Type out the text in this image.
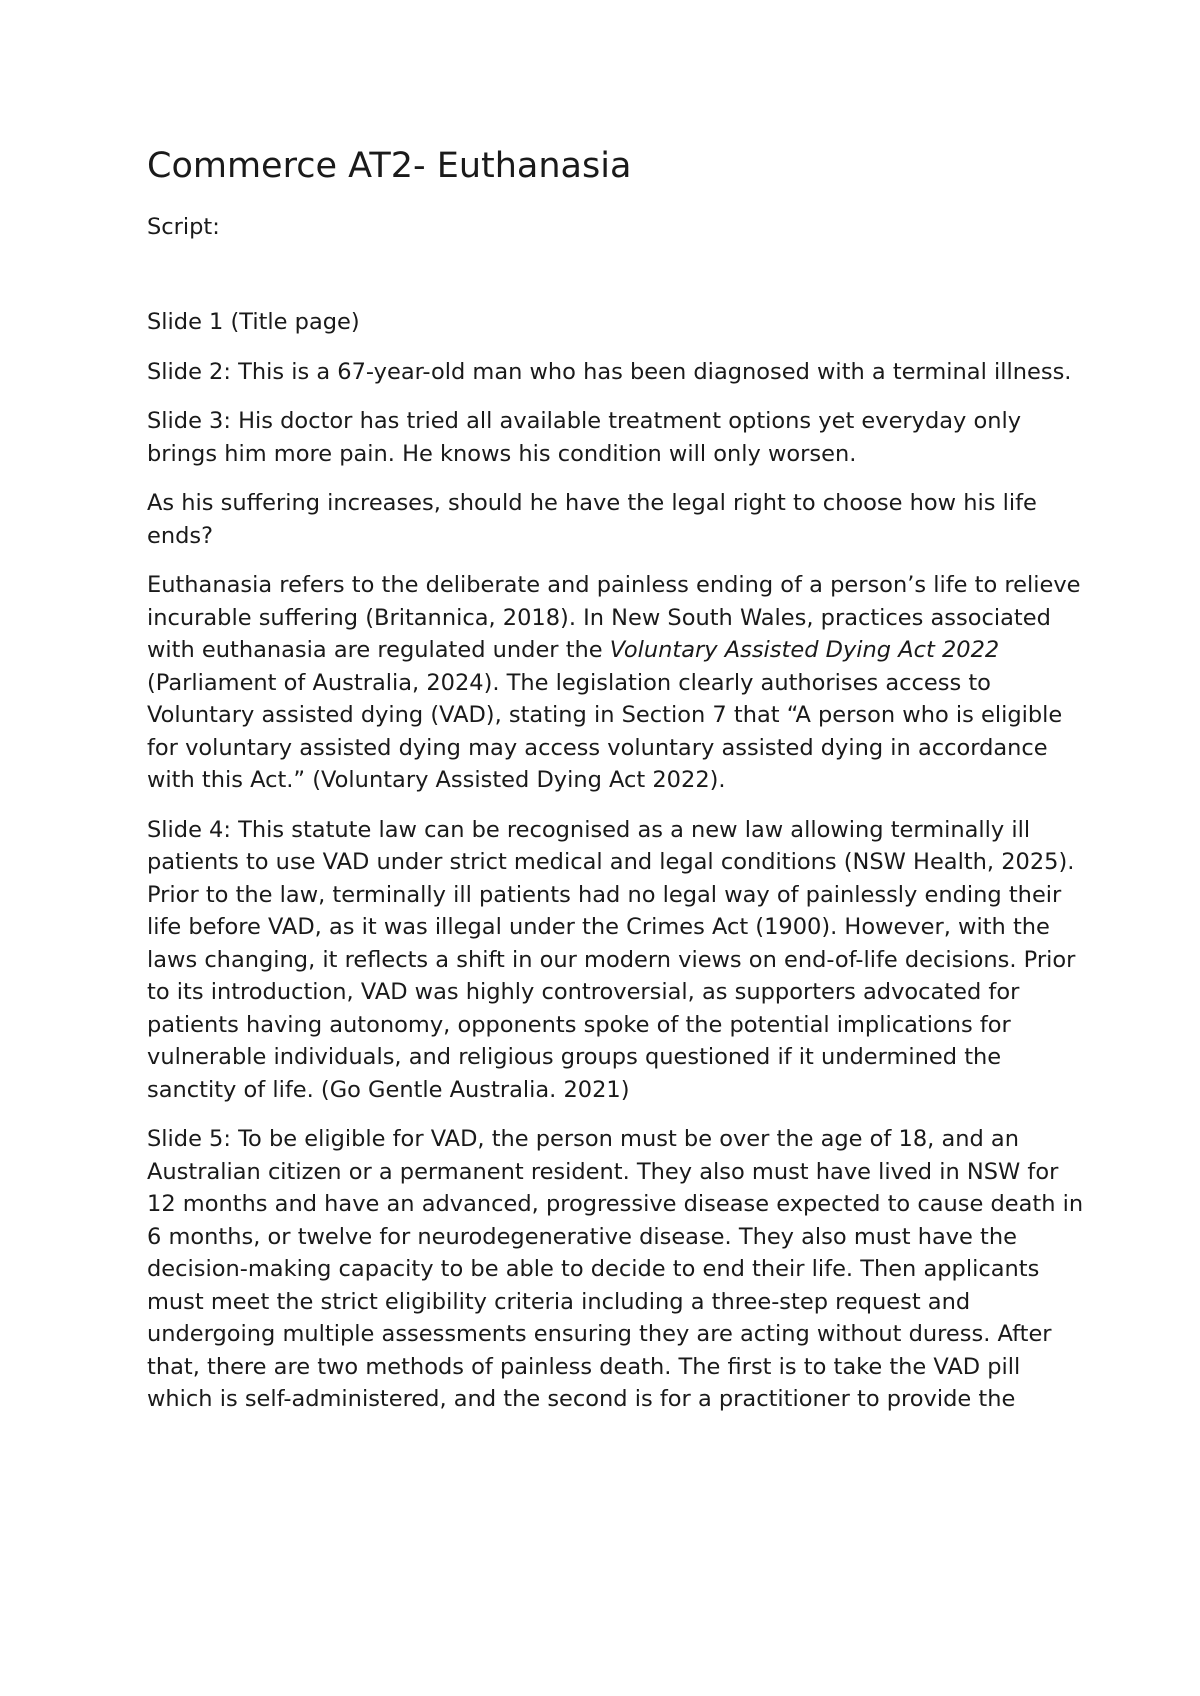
Commerce AT2- Euthanasia

Script:

Slide 1 (Title page)

Slide 2: This is a 67-year-old man who has been diagnosed with a terminal illness.

Slide 3: His doctor has tried all available treatment options yet everyday only brings him more pain. He knows his condition will only worsen.

As his suffering increases, should he have the legal right to choose how his life ends?

Euthanasia refers to the deliberate and painless ending of a person’s life to relieve incurable suffering (Britannica, 2018). In New South Wales, practices associated with euthanasia are regulated under the Voluntary Assisted Dying Act 2022 (Parliament of Australia, 2024). The legislation clearly authorises access to Voluntary assisted dying (VAD), stating in Section 7 that “A person who is eligible for voluntary assisted dying may access voluntary assisted dying in accordance with this Act.” (Voluntary Assisted Dying Act 2022).

Slide 4: This statute law can be recognised as a new law allowing terminally ill patients to use VAD under strict medical and legal conditions (NSW Health, 2025). Prior to the law, terminally ill patients had no legal way of painlessly ending their life before VAD, as it was illegal under the Crimes Act (1900). However, with the laws changing, it reflects a shift in our modern views on end-of-life decisions. Prior to its introduction, VAD was highly controversial, as supporters advocated for patients having autonomy, opponents spoke of the potential implications for vulnerable individuals, and religious groups questioned if it undermined the sanctity of life. (Go Gentle Australia. 2021)

Slide 5: To be eligible for VAD, the person must be over the age of 18, and an Australian citizen or a permanent resident. They also must have lived in NSW for 12 months and have an advanced, progressive disease expected to cause death in 6 months, or twelve for neurodegenerative disease. They also must have the decision-making capacity to be able to decide to end their life. Then applicants must meet the strict eligibility criteria including a three-step request and undergoing multiple assessments ensuring they are acting without duress. After that, there are two methods of painless death. The first is to take the VAD pill which is self-administered, and the second is for a practitioner to provide the
